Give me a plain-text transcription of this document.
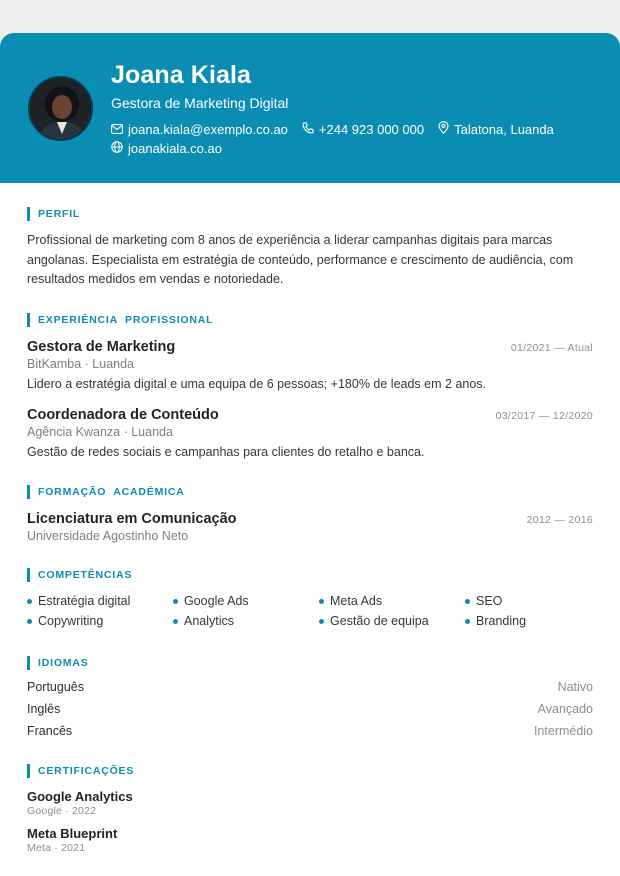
Joana Kiala
Gestora de Marketing Digital
joana.kiala@exemplo.co.ao +244 923 000 000 Talatona, Luanda
joanakiala.co.ao
PERFIL
Profissional de marketing com 8 anos de experiência a liderar campanhas digitais para marcas angolanas. Especialista em estratégia de conteúdo, performance e crescimento de audiência, com resultados medidos em vendas e notoriedade.
EXPERIÊNCIA  PROFISSIONAL
Gestora de Marketing	01/2021 — Atual
BitKamba · Luanda
Lidero a estratégia digital e uma equipa de 6 pessoas; +180% de leads em 2 anos.
Coordenadora de Conteúdo	03/2017 — 12/2020
Agência Kwanza · Luanda
Gestão de redes sociais e campanhas para clientes do retalho e banca.
FORMAÇÃO  ACADÉMICA
Licenciatura em Comunicação	2012 — 2016
Universidade Agostinho Neto
COMPETÊNCIAS
Estratégia digital	Google Ads	Meta Ads	SEO
Copywriting	Analytics	Gestão de equipa	Branding
IDIOMAS
Português	Nativo
Inglês	Avançado
Francês	Intermédio
CERTIFICAÇÕES
Google Analytics
Google · 2022
Meta Blueprint
Meta · 2021
